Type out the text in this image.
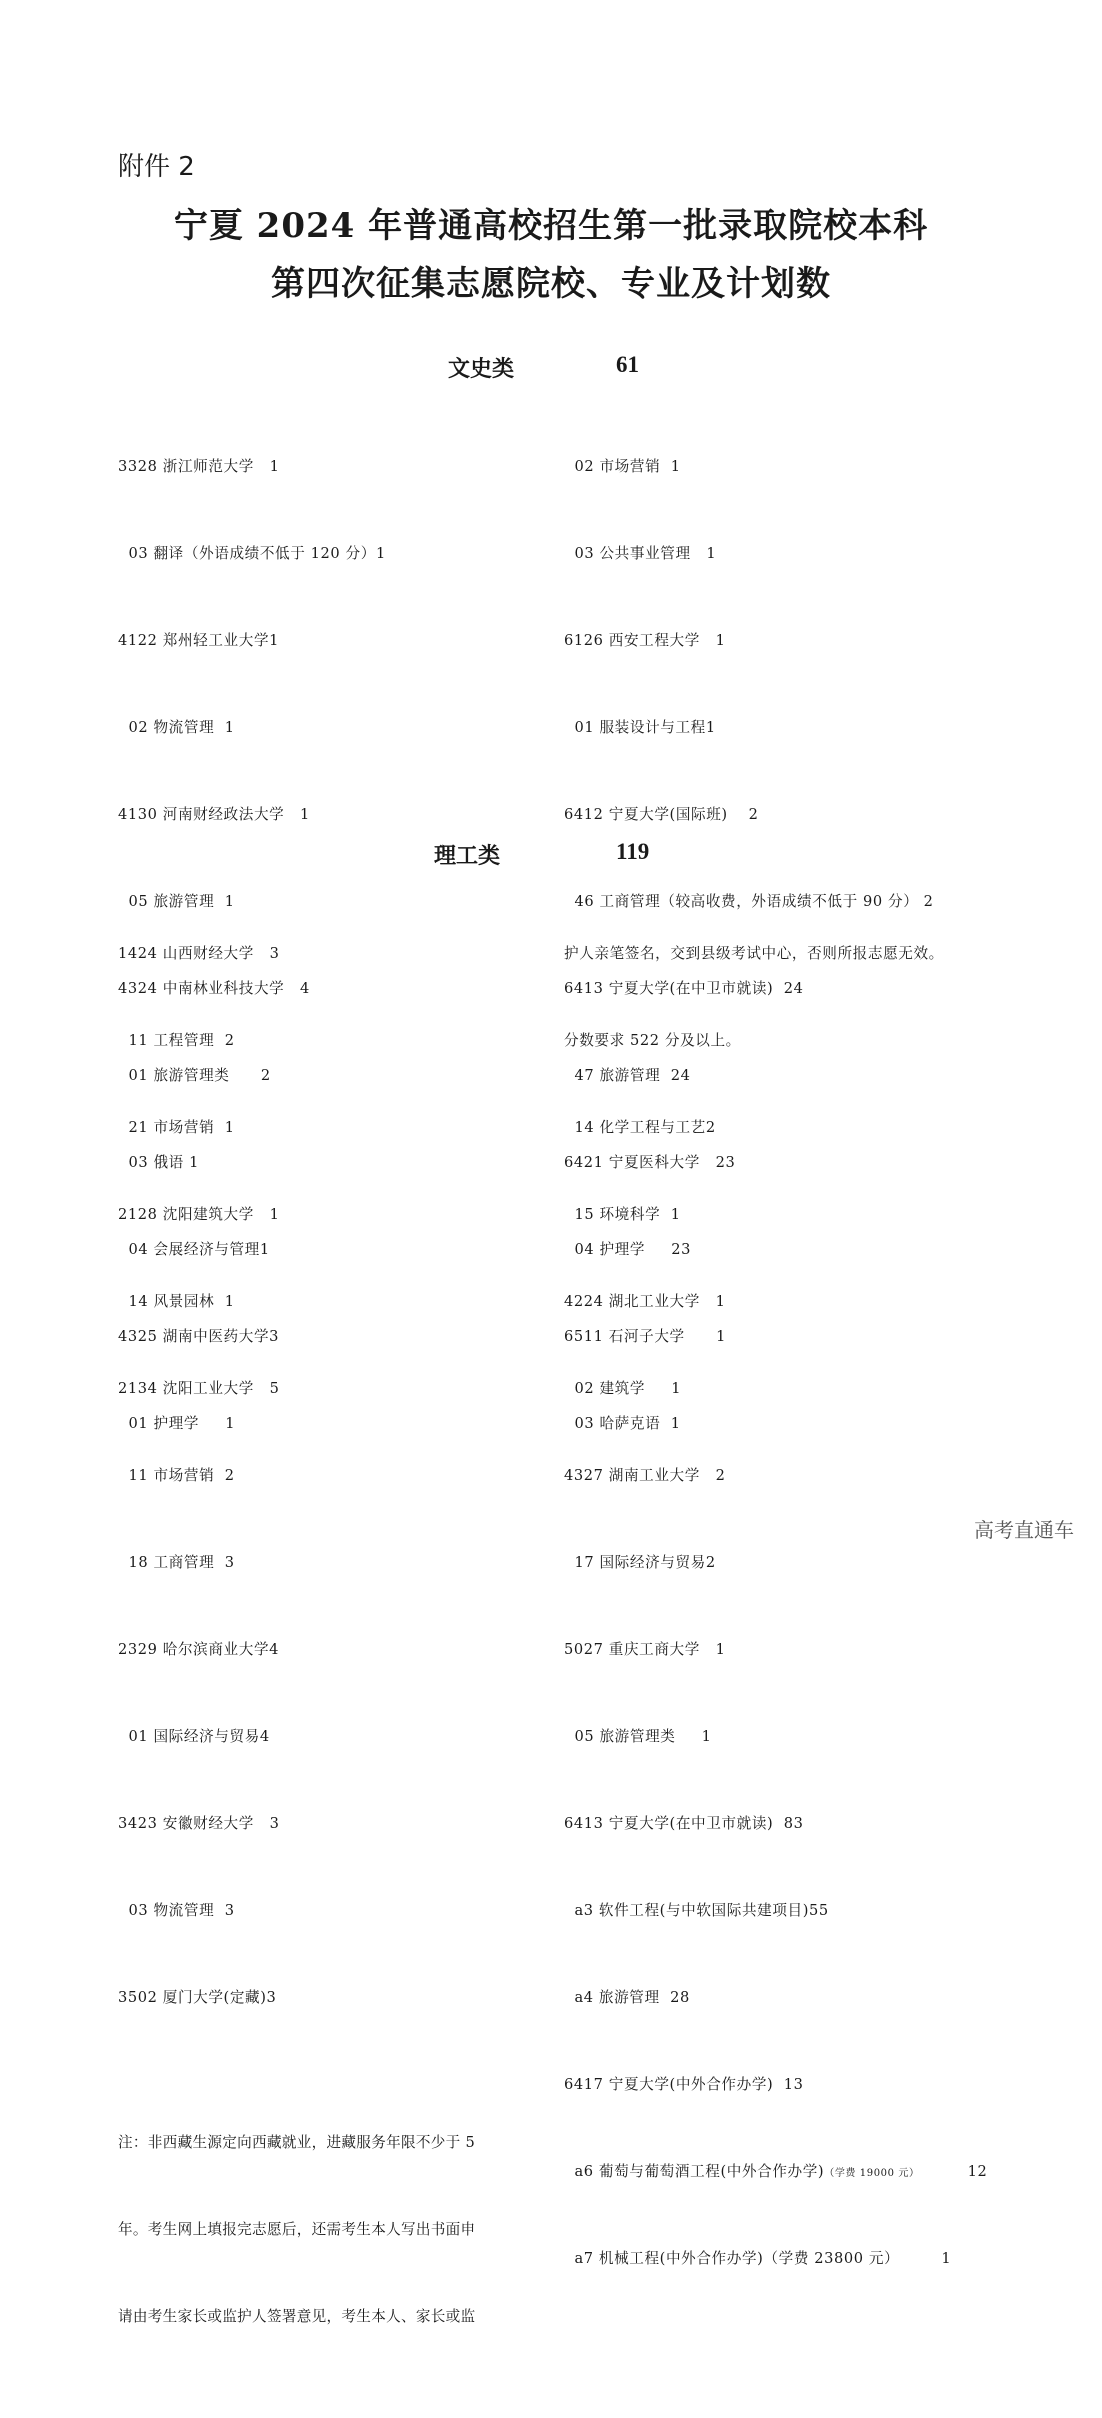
附件 2
宁夏 2024 年普通高校招生第一批录取院校本科
第四次征集志愿院校、专业及计划数
文史类	61

3328 浙江师范大学   1

03 翻译（外语成绩不低于 120 分）1

4122 郑州轻工业大学1

02 物流管理  1

4130 河南财经政法大学   1

05 旅游管理  1

4324 中南林业科技大学   4

01 旅游管理类      2

03 俄语 1

04 会展经济与管理1

4325 湖南中医药大学3

01 护理学     1

02 市场营销  1

03 公共事业管理   1

6126 西安工程大学   1

01 服装设计与工程1

6412 宁夏大学(国际班)    2

46 工商管理（较高收费，外语成绩不低于 90 分） 2

6413 宁夏大学(在中卫市就读)  24

47 旅游管理  24

6421 宁夏医科大学   23

04 护理学     23

6511 石河子大学      1

03 哈萨克语  1

理工类	119

1424 山西财经大学   3

11 工程管理  2

21 市场营销  1

2128 沈阳建筑大学   1

14 风景园林  1

2134 沈阳工业大学   5

11 市场营销  2

18 工商管理  3

2329 哈尔滨商业大学4

01 国际经济与贸易4

3423 安徽财经大学   3

03 物流管理  3

3502 厦门大学(定藏)3

注：非西藏生源定向西藏就业，进藏服务年限不少于 5

年。考生网上填报完志愿后，还需考生本人写出书面申

请由考生家长或监护人签署意见，考生本人、家长或监

护人亲笔签名，交到县级考试中心，否则所报志愿无效。

分数要求 522 分及以上。

14 化学工程与工艺2

15 环境科学  1

4224 湖北工业大学   1

02 建筑学     1

4327 湖南工业大学   2

17 国际经济与贸易2

5027 重庆工商大学   1

05 旅游管理类     1

6413 宁夏大学(在中卫市就读)  83

a3 软件工程(与中软国际共建项目)55

a4 旅游管理  28

6417 宁夏大学(中外合作办学)  13

a6 葡萄与葡萄酒工程(中外合作办学)（学费 19000 元）	12

a7 机械工程(中外合作办学)（学费 23800 元）	1

高考直通车
